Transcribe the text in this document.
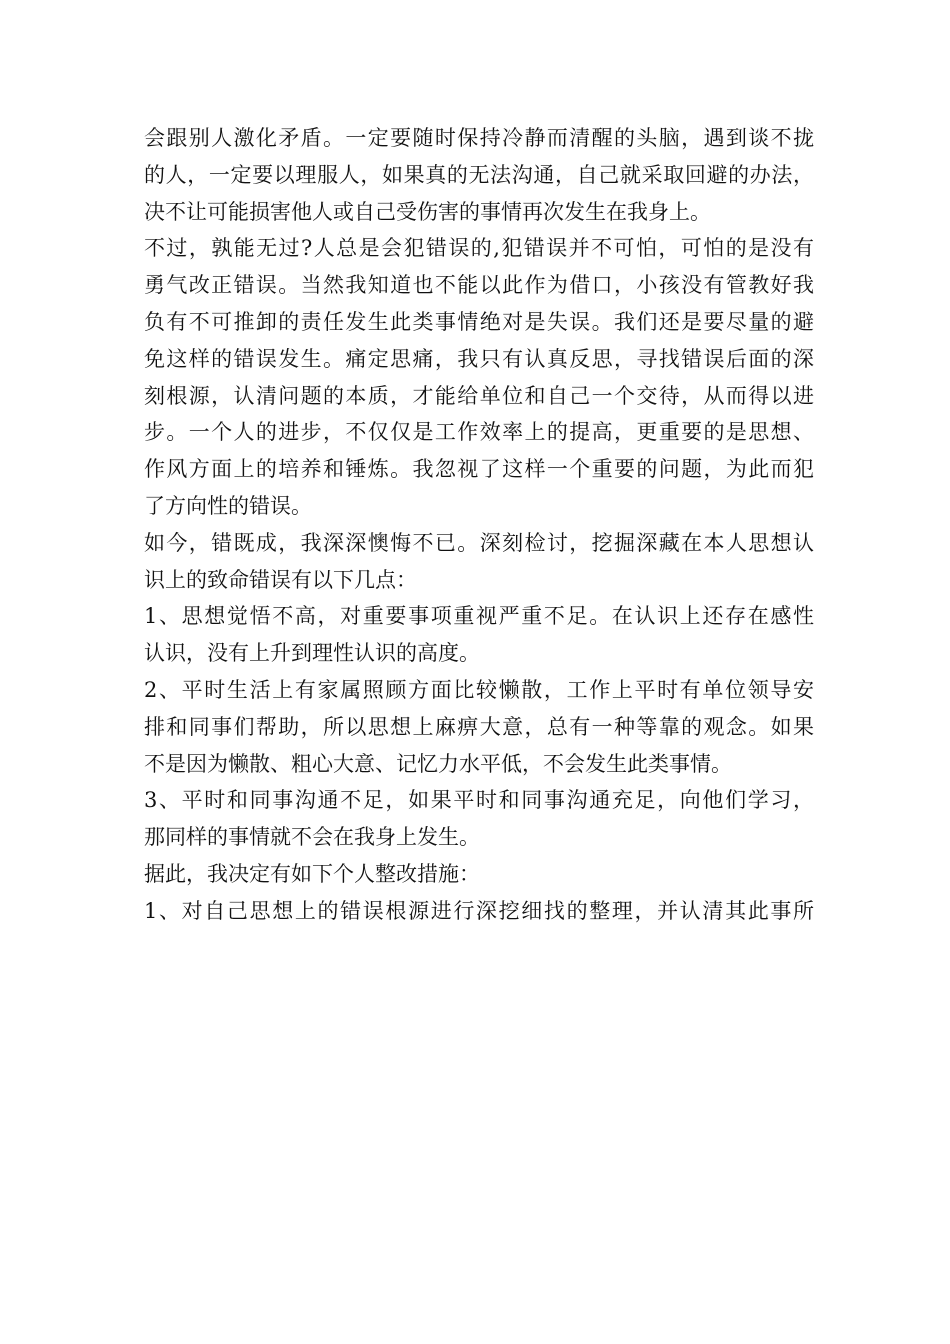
会跟别人激化矛盾。一定要随时保持冷静而清醒的头脑，遇到谈不拢
的人，一定要以理服人，如果真的无法沟通，自己就采取回避的办法，
决不让可能损害他人或自己受伤害的事情再次发生在我身上。
不过，孰能无过?人总是会犯错误的,犯错误并不可怕，可怕的是没有
勇气改正错误。当然我知道也不能以此作为借口，小孩没有管教好我
负有不可推卸的责任发生此类事情绝对是失误。我们还是要尽量的避
免这样的错误发生。痛定思痛，我只有认真反思，寻找错误后面的深
刻根源，认清问题的本质，才能给单位和自己一个交待，从而得以进
步。一个人的进步，不仅仅是工作效率上的提高，更重要的是思想、
作风方面上的培养和锤炼。我忽视了这样一个重要的问题，为此而犯
了方向性的错误。
如今，错既成，我深深懊悔不已。深刻检讨，挖掘深藏在本人思想认
识上的致命错误有以下几点：
1、思想觉悟不高，对重要事项重视严重不足。在认识上还存在感性
认识，没有上升到理性认识的高度。
2、平时生活上有家属照顾方面比较懒散，工作上平时有单位领导安
排和同事们帮助，所以思想上麻痹大意，总有一种等靠的观念。如果
不是因为懒散、粗心大意、记忆力水平低，不会发生此类事情。
3、平时和同事沟通不足，如果平时和同事沟通充足，向他们学习，
那同样的事情就不会在我身上发生。
据此，我决定有如下个人整改措施：
1、对自己思想上的错误根源进行深挖细找的整理，并认清其此事所
